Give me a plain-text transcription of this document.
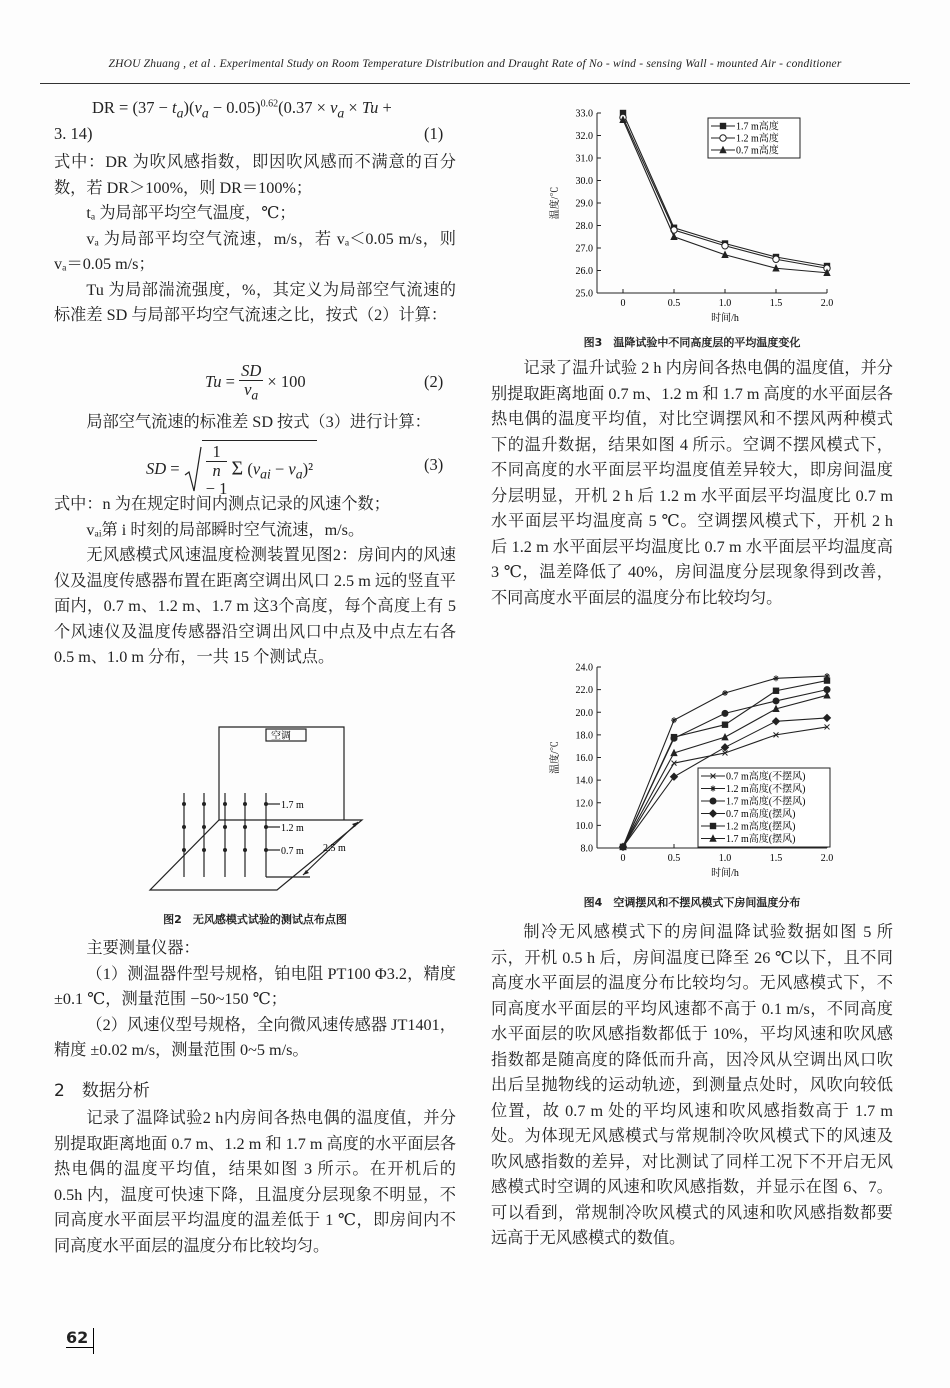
ZHOU Zhuang , et al . Experimental Study on Room Temperature Distribution and Draught Rate of No - wind - sensing Wall - mounted Air - conditioner
DR = $(37 - t_a)(v_a - 0.05)^{0.62}(0.37 \times v_a \times Tu$ +
3. 14)	(1)

式中：DR 为吹风感指数，即因吹风感而不满意的百分数，若 DR＞100%，则 DR＝100%；

tₐ 为局部平均空气温度，℃；

vₐ 为局部平均空气流速，m/s，若 vₐ＜0.05 m/s，则 vₐ＝0.05 m/s；

Tu 为局部湍流强度，%，其定义为局部空气流速的标准差 SD 与局部平均空气流速之比，按式（2）计算：

$Tu = \frac{SD}{v_a} \times 100$	(2)

局部空气流速的标准差 SD 按式（3）进行计算：

SD = 1
n
− 1 Σ $(v_{ai} - v_a)^2$	(3)

式中：n 为在规定时间内测点记录的风速个数；

vₐᵢ第 i 时刻的局部瞬时空气流速，m/s。

无风感模式风速温度检测装置见图2：房间内的风速仪及温度传感器布置在距离空调出风口 2.5 m 远的竖直平面内，0.7 m、1.2 m、1.7 m 这3个高度，每个高度上有 5 个风速仪及温度传感器沿空调出风口中点及中点左右各 0.5 m、1.0 m 分布，一共 15 个测试点。

空调
1.7 m
1.2 m
0.7 m 2.5 m
图2　无风感模式试验的测试点布点图

主要测量仪器：

（1）测温器件型号规格，铂电阻 PT100 Φ3.2，精度 ±0.1 ℃，测量范围 −50~150 ℃；

（2）风速仪型号规格，全向微风速传感器 JT1401，精度 ±0.02 m/s，测量范围 0~5 m/s。

2　数据分析

记录了温降试验2 h内房间各热电偶的温度值，并分别提取距离地面 0.7 m、1.2 m 和 1.7 m 高度的水平面层各热电偶的温度平均值，结果如图 3 所示。在开机后的 0.5h 内，温度可快速下降，且温度分层现象不明显，不同高度水平面层平均温度的温差低于 1 ℃，即房间内不同高度水平面层的温度分布比较均匀。

25.0
26.0
27.0
28.0
29.0
30.0
31.0
32.0
33.0
0	0.5	1.0	1.5	2.0
时间/h
温度/℃
1.7 m高度
1.2 m高度
0.7 m高度
图3　温降试验中不同高度层的平均温度变化

记录了温升试验 2 h 内房间各热电偶的温度值，并分别提取距离地面 0.7 m、1.2 m 和 1.7 m 高度的水平面层各热电偶的温度平均值，对比空调摆风和不摆风两种模式下的温升数据，结果如图 4 所示。空调不摆风模式下，不同高度的水平面层平均温度值差异较大，即房间温度分层明显，开机 2 h 后 1.2 m 水平面层平均温度比 0.7 m 水平面层平均温度高 5 ℃。空调摆风模式下，开机 2 h 后 1.2 m 水平面层平均温度比 0.7 m 水平面层平均温度高 3 ℃，温差降低了 40%，房间温度分层现象得到改善，不同高度水平面层的温度分布比较均匀。

8.0
10.0
12.0
14.0
16.0
18.0
20.0
22.0
24.0
0	0.5	1.0	1.5	2.0
时间/h
温度/℃
0.7 m高度(不摆风)
1.2 m高度(不摆风)
1.7 m高度(不摆风)
0.7 m高度(摆风)
1.2 m高度(摆风)
1.7 m高度(摆风)
图4　空调摆风和不摆风模式下房间温度分布

制冷无风感模式下的房间温降试验数据如图 5 所示，开机 0.5 h 后，房间温度已降至 26 ℃以下，且不同高度水平面层的温度分布比较均匀。无风感模式下，不同高度水平面层的平均风速都不高于 0.1 m/s，不同高度水平面层的吹风感指数都低于 10%，平均风速和吹风感指数都是随高度的降低而升高，因冷风从空调出风口吹出后呈抛物线的运动轨迹，到测量点处时，风吹向较低位置，故 0.7 m 处的平均风速和吹风感指数高于 1.7 m 处。为体现无风感模式与常规制冷吹风模式下的风速及吹风感指数的差异，对比测试了同样工况下不开启无风感模式时空调的风速和吹风感指数，并显示在图 6、7。可以看到，常规制冷吹风模式的风速和吹风感指数都要远高于无风感模式的数值。

62
